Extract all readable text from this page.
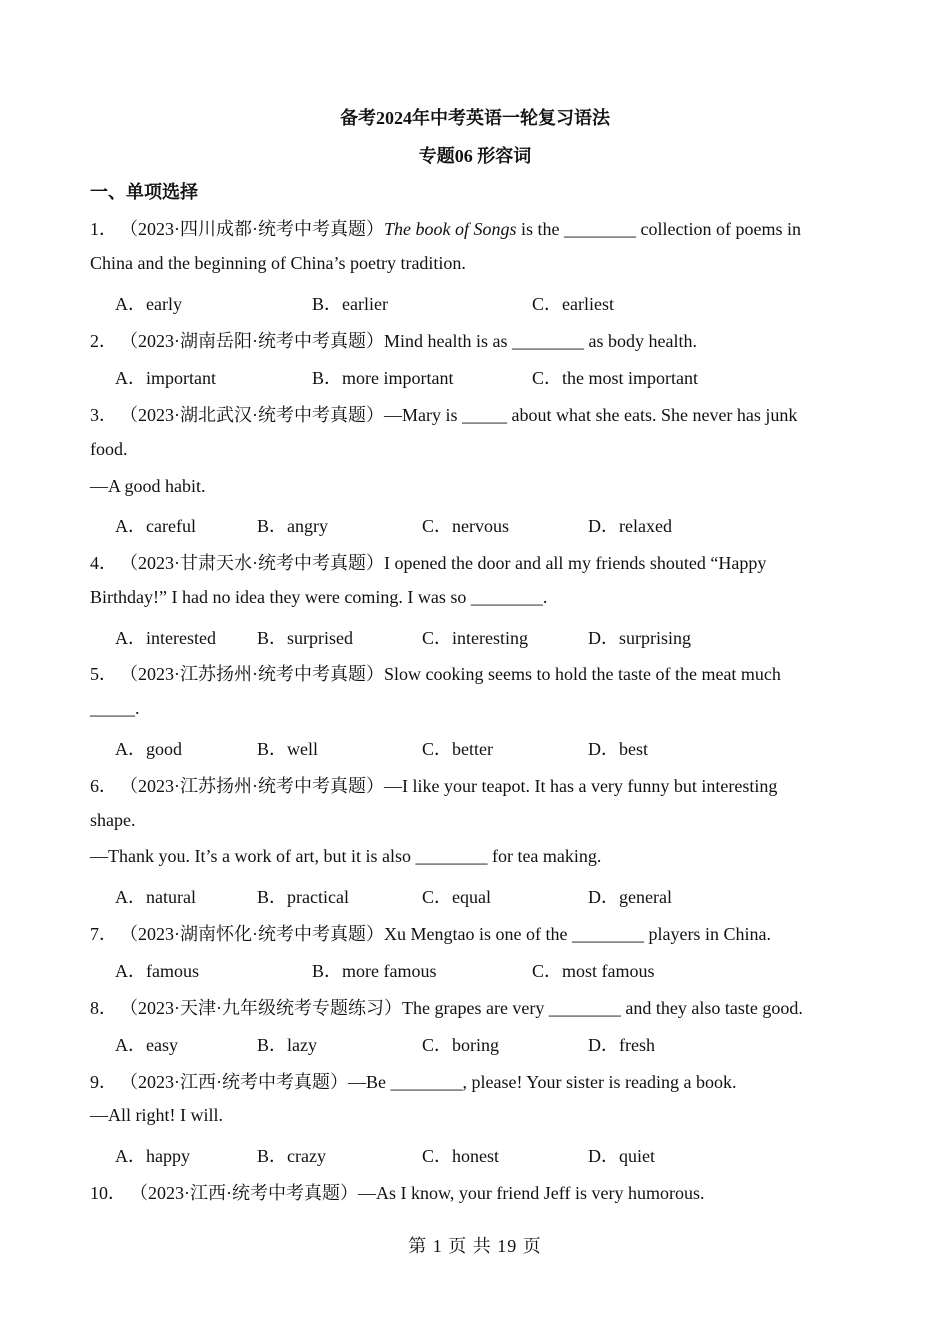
备考2024年中考英语一轮复习语法
专题06 形容词
一、单项选择
1． （2023·四川成都·统考中考真题）The book of Songs is the ________ collection of poems in
China and the beginning of China’s poetry tradition.
A．early	B．earlier	C．earliest
2． （2023·湖南岳阳·统考中考真题）Mind health is as ________ as body health.
A．important	B．more important	C．the most important
3． （2023·湖北武汉·统考中考真题）—Mary is _____ about what she eats. She never has junk
food.
—A good habit.
A．careful	B．angry	C．nervous	D．relaxed
4． （2023·甘肃天水·统考中考真题）I opened the door and all my friends shouted “Happy
Birthday!” I had no idea they were coming. I was so ________.
A．interested B．surprised	C．interesting	D．surprising
5． （2023·江苏扬州·统考中考真题）Slow cooking seems to hold the taste of the meat much
_____.
A．good	B．well	C．better	D．best
6． （2023·江苏扬州·统考中考真题）—I like your teapot. It has a very funny but interesting
shape.
—Thank you. It’s a work of art, but it is also ________ for tea making.
A．natural	B．practical	C．equal	D．general
7． （2023·湖南怀化·统考中考真题）Xu Mengtao is one of the ________ players in China.
A．famous	B．more famous	C．most famous
8． （2023·天津·九年级统考专题练习）The grapes are very ________ and they also taste good.
A．easy	B．lazy	C．boring	D．fresh
9． （2023·江西·统考中考真题）—Be ________, please! Your sister is reading a book.
—All right! I will.
A．happy	B．crazy	C．honest	D．quiet
10． （2023·江西·统考中考真题）—As I know, your friend Jeff is very humorous.
第 1 页 共 19 页
